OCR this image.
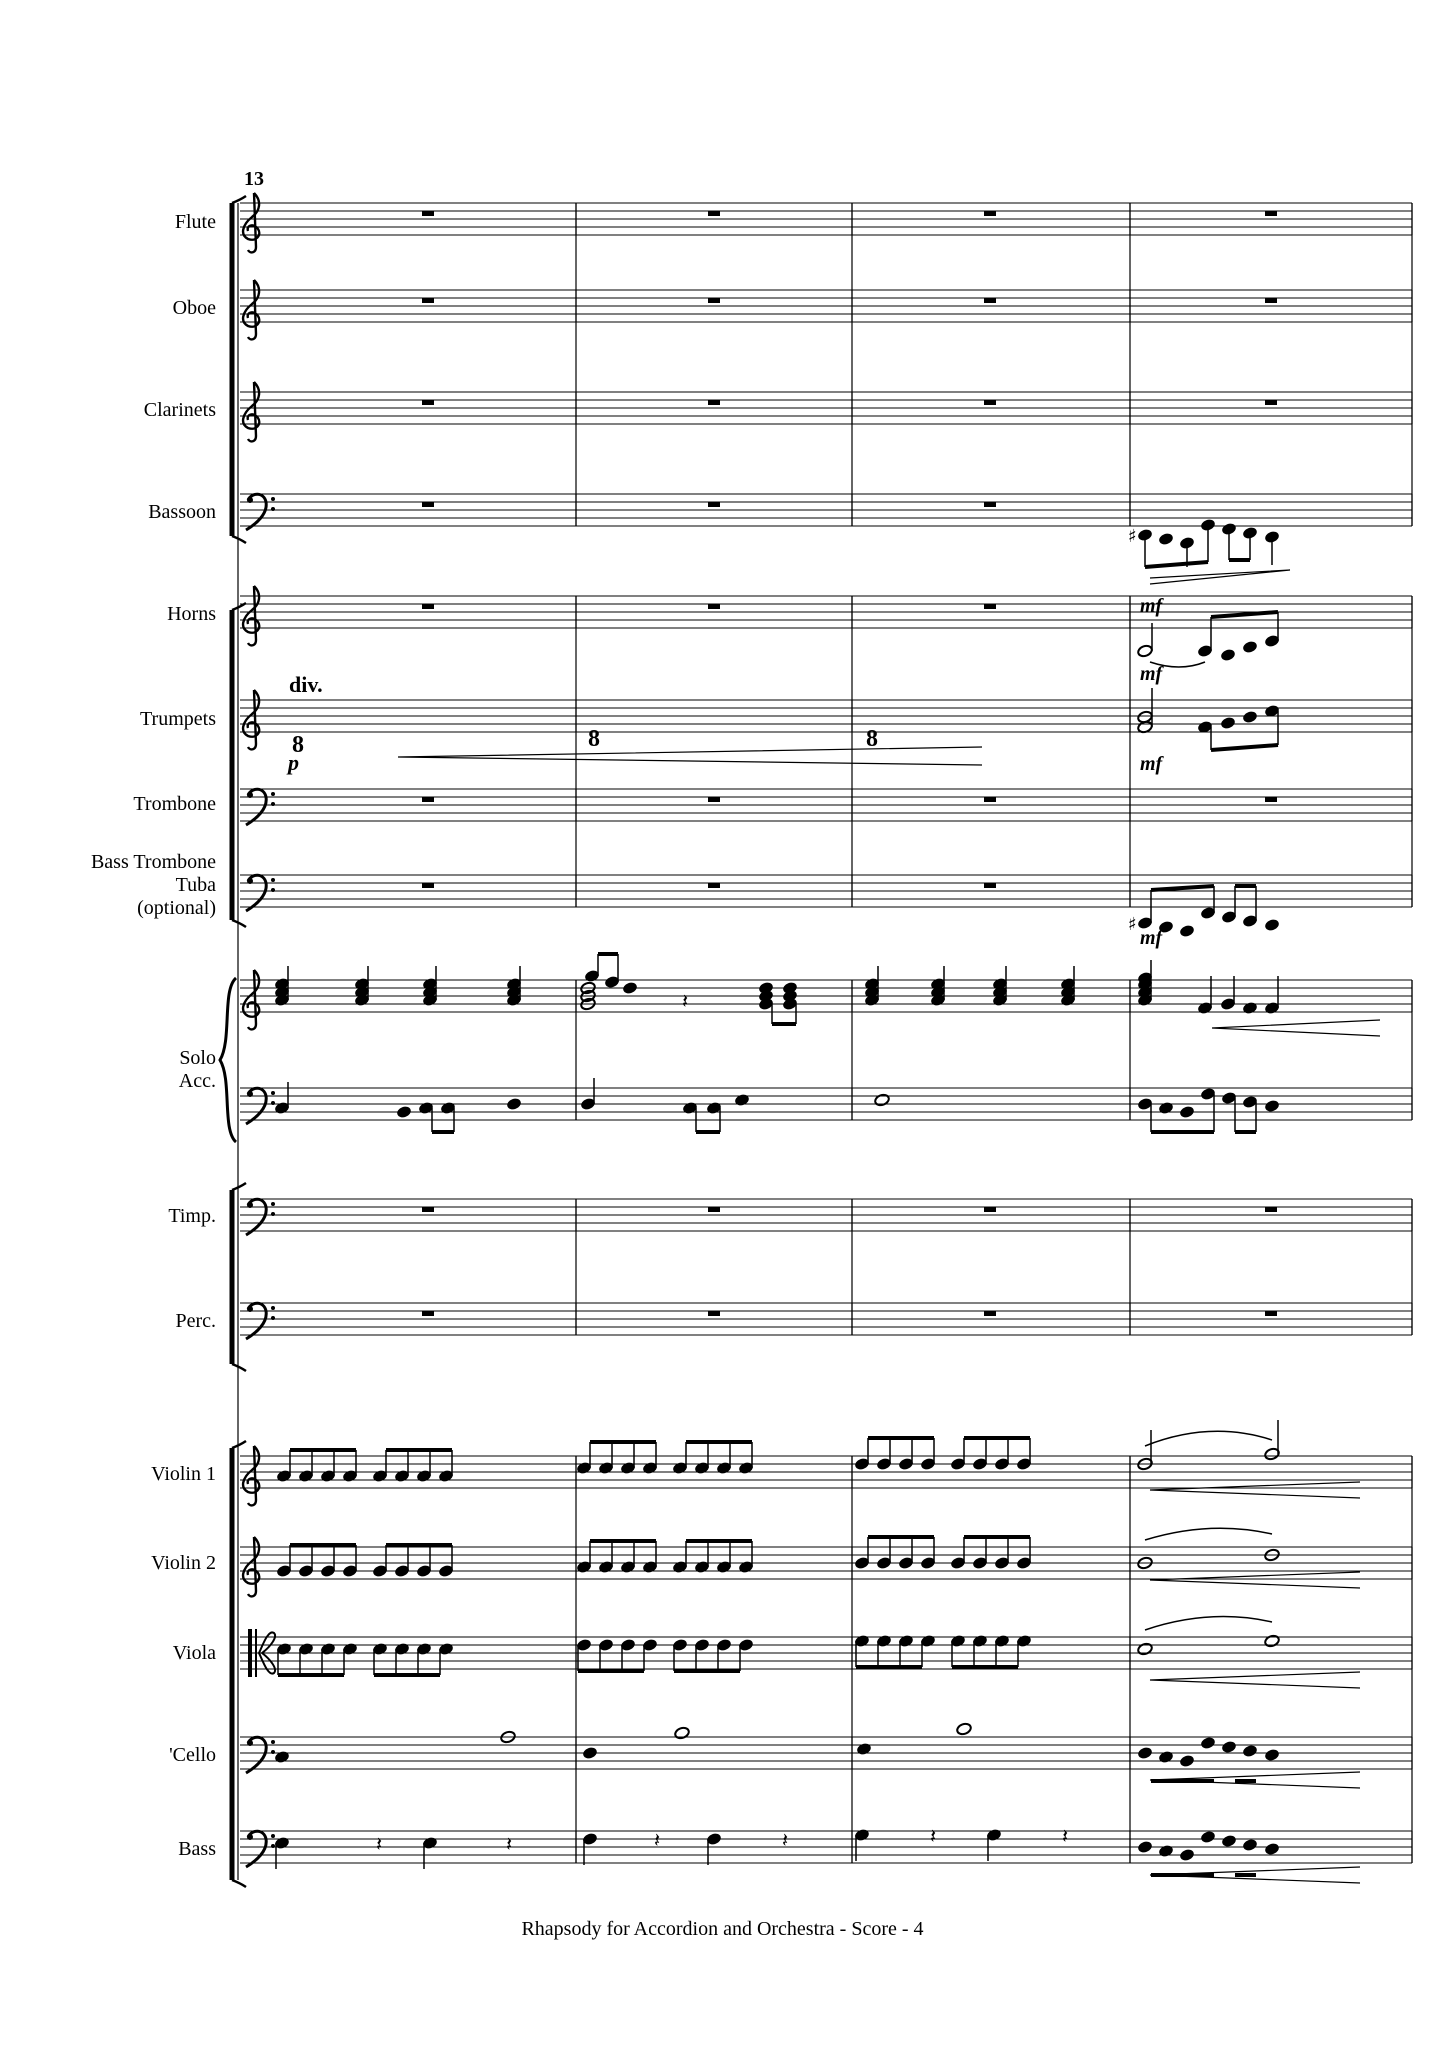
13
Flute
Oboe
Clarinets
Bassoon
Horns
Trumpets
Trombone
Bass Trombone
Tuba
(optional)
Solo
Acc.
Timp.
Perc.
Violin 1
Violin 2
Viola
'Cello
Bass
div.
8	8	8
p
♯
mf
mf
mf
♯
mf
𝄽
𝄽	𝄽	𝄽	𝄽	𝄽	𝄽
Rhapsody for Accordion and Orchestra - Score - 4
